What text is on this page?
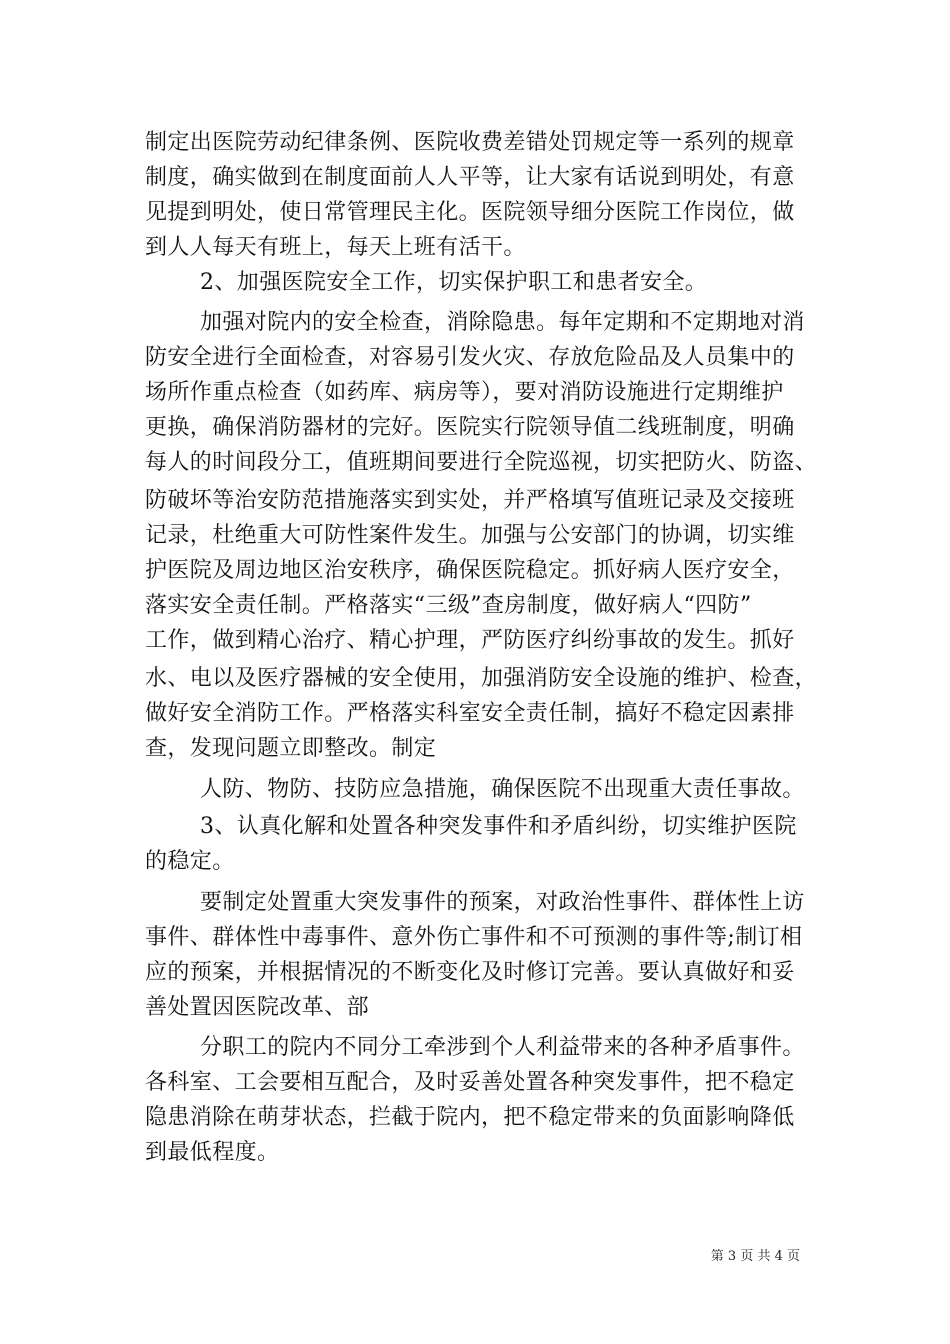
制定出医院劳动纪律条例、医院收费差错处罚规定等一系列的规章
制度，确实做到在制度面前人人平等，让大家有话说到明处，有意
见提到明处，使日常管理民主化。医院领导细分医院工作岗位，做
到人人每天有班上，每天上班有活干。
2、加强医院安全工作，切实保护职工和患者安全。
加强对院内的安全检查，消除隐患。每年定期和不定期地对消
防安全进行全面检查，对容易引发火灾、存放危险品及人员集中的
场所作重点检查（如药库、病房等），要对消防设施进行定期维护
更换，确保消防器材的完好。医院实行院领导值二线班制度，明确
每人的时间段分工，值班期间要进行全院巡视，切实把防火、防盗、
防破坏等治安防范措施落实到实处，并严格填写值班记录及交接班
记录，杜绝重大可防性案件发生。加强与公安部门的协调，切实维
护医院及周边地区治安秩序，确保医院稳定。抓好病人医疗安全，
落实安全责任制。严格落实“三级”查房制度，做好病人“四防”
工作，做到精心治疗、精心护理，严防医疗纠纷事故的发生。抓好
水、电以及医疗器械的安全使用，加强消防安全设施的维护、检查，
做好安全消防工作。严格落实科室安全责任制，搞好不稳定因素排
查，发现问题立即整改。制定
人防、物防、技防应急措施，确保医院不出现重大责任事故。
3、认真化解和处置各种突发事件和矛盾纠纷，切实维护医院
的稳定。
要制定处置重大突发事件的预案，对政治性事件、群体性上访
事件、群体性中毒事件、意外伤亡事件和不可预测的事件等;制订相
应的预案，并根据情况的不断变化及时修订完善。要认真做好和妥
善处置因医院改革、部
分职工的院内不同分工牵涉到个人利益带来的各种矛盾事件。
各科室、工会要相互配合，及时妥善处置各种突发事件，把不稳定
隐患消除在萌芽状态，拦截于院内，把不稳定带来的负面影响降低
到最低程度。
第 3 页 共 4 页
